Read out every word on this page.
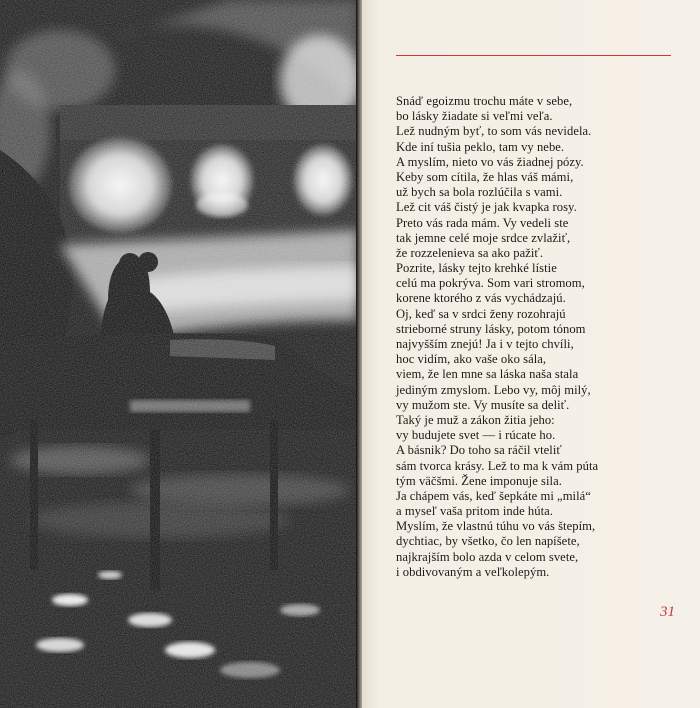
Snáď egoizmu trochu máte v sebe,
bo lásky žiadate si veľmi veľa.
Lež nudným byť, to som vás nevidela.
Kde iní tušia peklo, tam vy nebe.
A myslím, nieto vo vás žiadnej pózy.
Keby som cítila, že hlas váš mámi,
už bych sa bola rozlúčila s vami.
Lež cit váš čistý je jak kvapka rosy.
Preto vás rada mám. Vy vedeli ste
tak jemne celé moje srdce zvlažiť,
že rozzelenieva sa ako pažiť.
Pozrite, lásky tejto krehké lístie
celú ma pokrýva. Som vari stromom,
korene ktorého z vás vychádzajú.
Oj, keď sa v srdci ženy rozohrajú
strieborné struny lásky, potom tónom
najvyšším znejú! Ja i v tejto chvíli,
hoc vidím, ako vaše oko sála,
viem, že len mne sa láska naša stala
jediným zmyslom. Lebo vy, môj milý,
vy mužom ste. Vy musíte sa deliť.
Taký je muž a zákon žitia jeho:
vy budujete svet — i rúcate ho.
A básnik? Do toho sa ráčil vteliť
sám tvorca krásy. Lež to ma k vám púta
tým väčšmi. Žene imponuje sila.
Ja chápem vás, keď šepkáte mi „milá“
a myseľ vaša pritom inde húta.
Myslím, že vlastnú túhu vo vás štepím,
dychtiac, by všetko, čo len napíšete,
najkrajším bolo azda v celom svete,
i obdivovaným a veľkolepým.
31
